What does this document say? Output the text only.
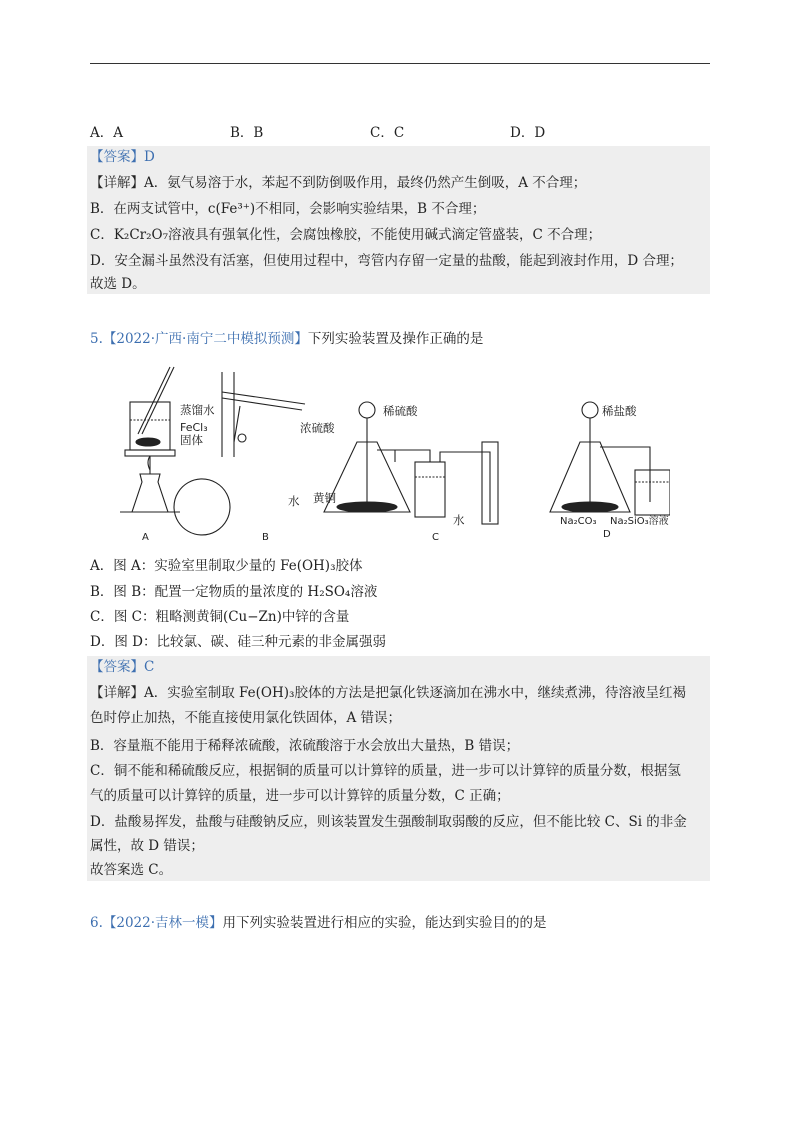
A．A	B．B	C．C	D．D
【答案】D
【详解】A．氨气易溶于水，苯起不到防倒吸作用，最终仍然产生倒吸，A 不合理；
B．在两支试管中，c(Fe³⁺)不相同，会影响实验结果，B 不合理；
C．K₂Cr₂O₇溶液具有强氧化性，会腐蚀橡胶，不能使用碱式滴定管盛装，C 不合理；
D．安全漏斗虽然没有活塞，但使用过程中，弯管内存留一定量的盐酸，能起到液封作用，D 合理；
故选 D。
5.【2022·广西·南宁二中模拟预测】下列实验装置及操作正确的是
蒸馏水
FeCl₃
固体
浓硫酸
水
稀硫酸
黄铜
水
稀盐酸
Na₂CO₃ Na₂SiO₃溶液
A	B	C	D
A．图 A：实验室里制取少量的 Fe(OH)₃胶体
B．图 B：配置一定物质的量浓度的 H₂SO₄溶液
C．图 C：粗略测黄铜(Cu−Zn)中锌的含量
D．图 D：比较氯、碳、硅三种元素的非金属强弱
【答案】C
【详解】A．实验室制取 Fe(OH)₃胶体的方法是把氯化铁逐滴加在沸水中，继续煮沸，待溶液呈红褐
色时停止加热，不能直接使用氯化铁固体，A 错误；
B．容量瓶不能用于稀释浓硫酸，浓硫酸溶于水会放出大量热，B 错误；
C．铜不能和稀硫酸反应，根据铜的质量可以计算锌的质量，进一步可以计算锌的质量分数，根据氢
气的质量可以计算锌的质量，进一步可以计算锌的质量分数，C 正确；
D．盐酸易挥发，盐酸与硅酸钠反应，则该装置发生强酸制取弱酸的反应，但不能比较 C、Si 的非金
属性，故 D 错误；
故答案选 C。
6.【2022·吉林一模】用下列实验装置进行相应的实验，能达到实验目的的是
